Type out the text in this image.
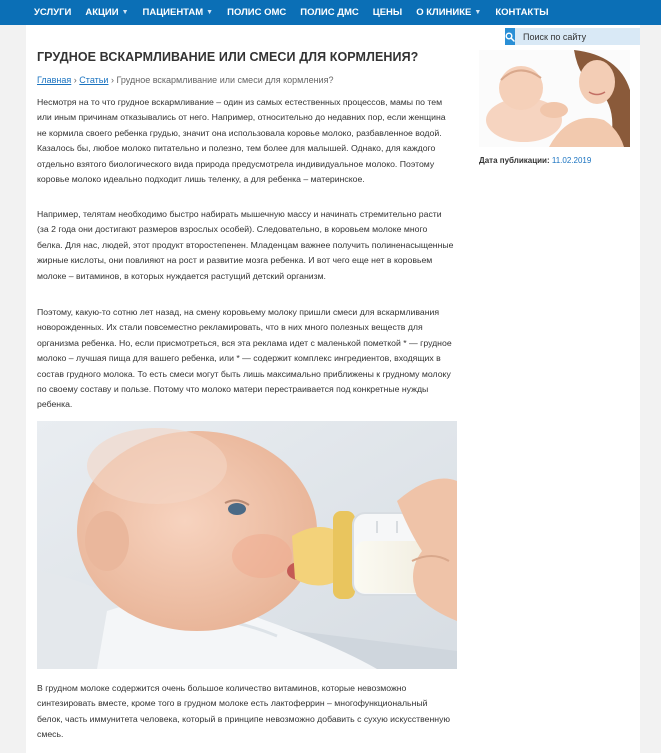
УСЛУГИ АКЦИИ ▼ ПАЦИЕНТАМ ▼ ПОЛИС ОМС ПОЛИС ДМС ЦЕНЫ О КЛИНИКЕ ▼ КОНТАКТЫ
Поиск по сайту
ГРУДНОЕ ВСКАРМЛИВАНИЕ ИЛИ СМЕСИ ДЛЯ КОРМЛЕНИЯ?
Главная › Статьи › Грудное вскармливание или смеси для кормления?

Несмотря на то что грудное вскармливание – один из самых естественных процессов, мамы по тем или иным причинам отказывались от него. Например, относительно до недавних пор, если женщина не кормила своего ребенка грудью, значит она использовала коровье молоко, разбавленное водой. Казалось бы, любое молоко питательно и полезно, тем более для малышей. Однако, для каждого отдельно взятого биологического вида природа предусмотрела индивидуальное молоко. Поэтому коровье молоко идеально подходит лишь теленку, а для ребенка – материнское.

Например, телятам необходимо быстро набирать мышечную массу и начинать стремительно расти (за 2 года они достигают размеров взрослых особей). Следовательно, в коровьем молоке много белка. Для нас, людей, этот продукт второстепенен. Младенцам важнее получить полиненасыщенные жирные кислоты, они повлияют на рост и развитие мозга ребенка. И вот чего еще нет в коровьем молоке – витаминов, в которых нуждается растущий детский организм.

Поэтому, какую-то сотню лет назад, на смену коровьему молоку пришли смеси для вскармливания новорожденных. Их стали повсеместно рекламировать, что в них много полезных веществ для организма ребенка. Но, если присмотреться, вся эта реклама идет с маленькой пометкой * — грудное молоко – лучшая пища для вашего ребенка, или * — содержит комплекс ингредиентов, входящих в состав грудного молока. То есть смеси могут быть лишь максимально приближены к грудному молоку по своему составу и пользе. Потому что молоко матери перестраивается под конкретные нужды ребенка.

В грудном молоке содержится очень большое количество витаминов, которые невозможно синтезировать вместе, кроме того в грудном молоке есть лактоферрин – многофункциональный белок, часть иммунитета человека, который в принципе невозможно добавить с сухую искусственную смесь.

Дата публикации: 11.02.2019
